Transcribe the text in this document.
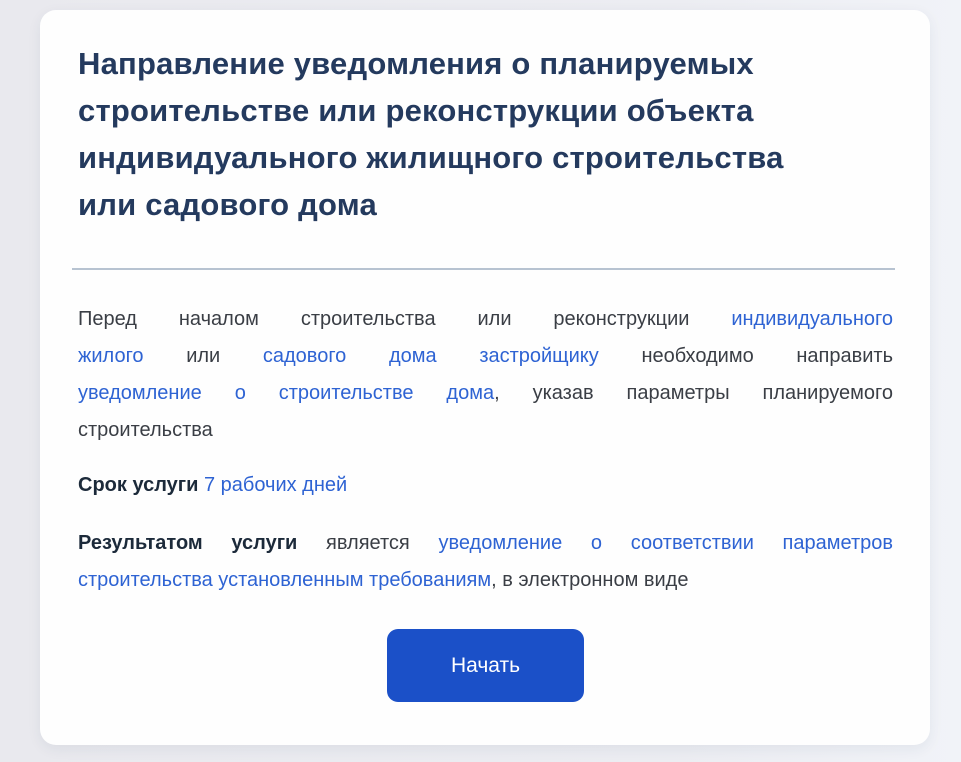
Направление уведомления о планируемых
строительстве или реконструкции объекта
индивидуального жилищного строительства
или садового дома
Перед началом строительства или реконструкции индивидуального
жилого или садового дома застройщику необходимо направить
уведомление о строительстве дома, указав параметры планируемого
строительства
Срок услуги 7 рабочих дней
Результатом услуги является уведомление о соответствии параметров
строительства установленным требованиям, в электронном виде
Начать
